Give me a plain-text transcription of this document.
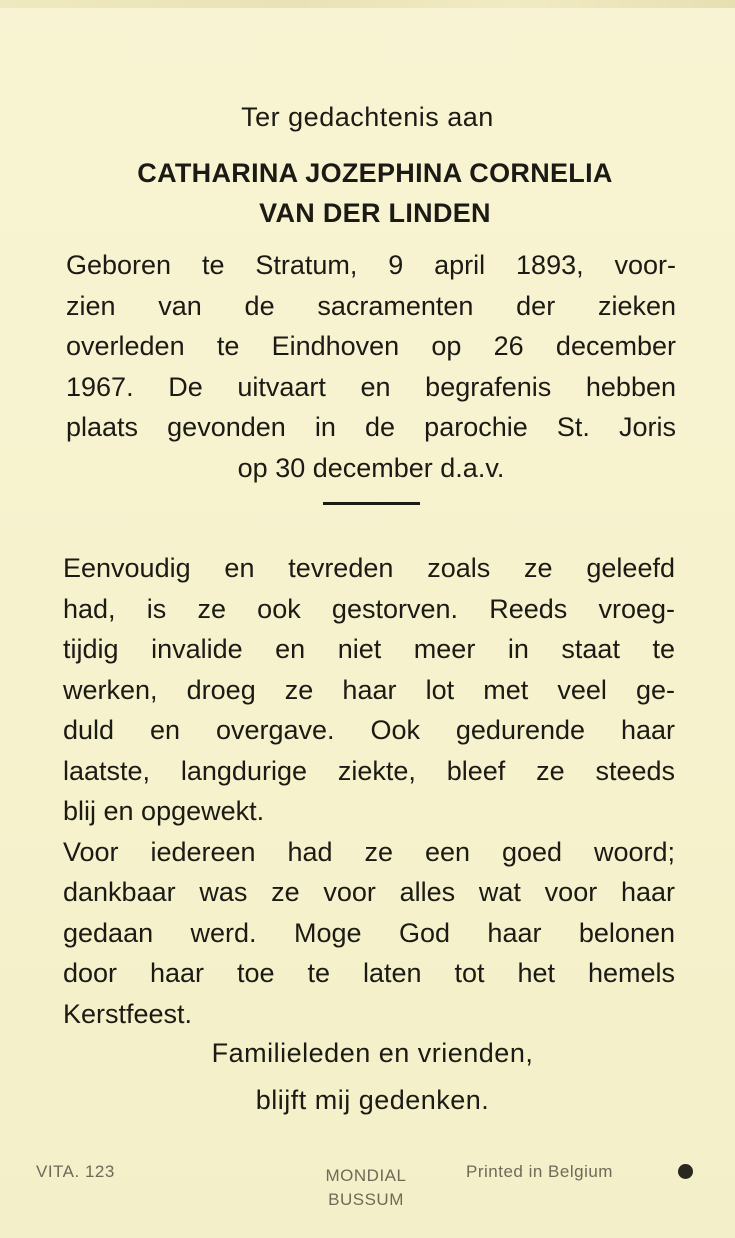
Ter gedachtenis aan
CATHARINA JOZEPHINA CORNELIA
VAN DER LINDEN
Geboren te Stratum, 9 april 1893, voor-
zien van de sacramenten der zieken
overleden te Eindhoven op 26 december
1967. De uitvaart en begrafenis hebben
plaats gevonden in de parochie St. Joris
op 30 december d.a.v.
Eenvoudig en tevreden zoals ze geleefd
had, is ze ook gestorven. Reeds vroeg-
tijdig invalide en niet meer in staat te
werken, droeg ze haar lot met veel ge-
duld en overgave. Ook gedurende haar
laatste, langdurige ziekte, bleef ze steeds
blij en opgewekt.
Voor iedereen had ze een goed woord;
dankbaar was ze voor alles wat voor haar
gedaan werd. Moge God haar belonen
door haar toe te laten tot het hemels
Kerstfeest.
Familieleden en vrienden,
blijft mij gedenken.
VITA. 123	MONDIAL
BUSSUM
Printed in Belgium
